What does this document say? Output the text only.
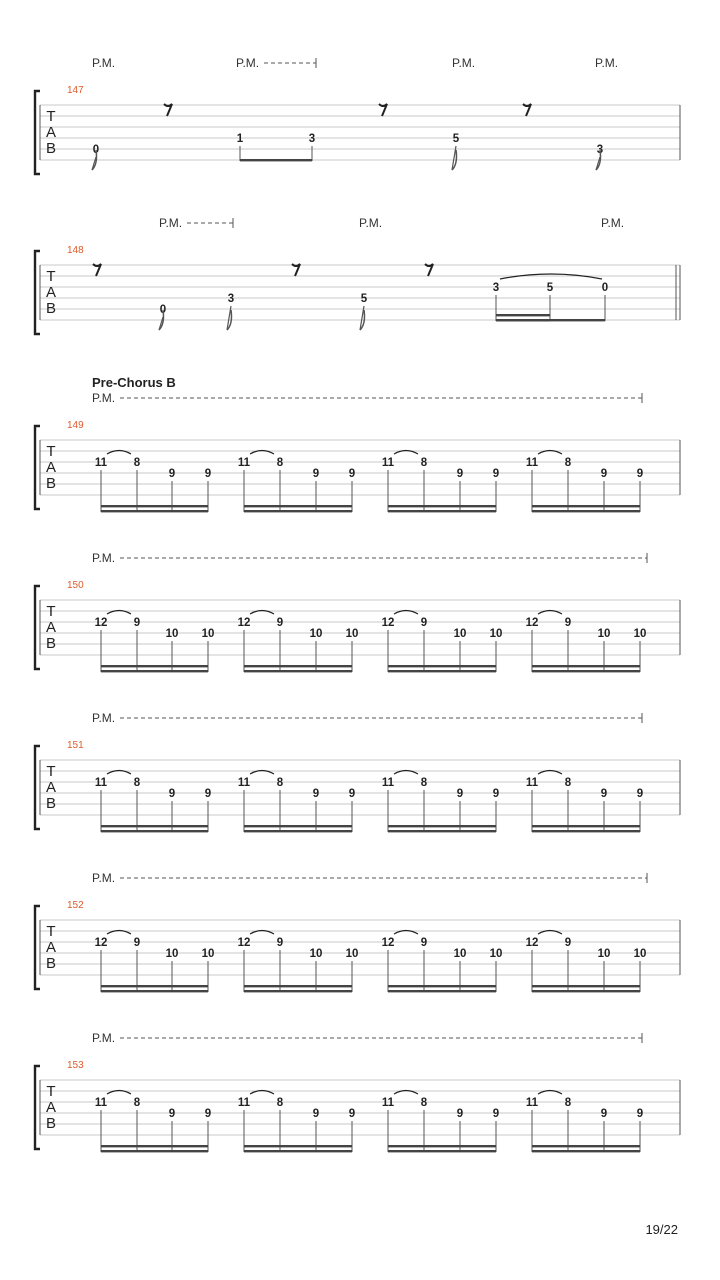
P.M.	P.M.	P.M.	P.M.
147
T
A
B	0
1	3	5
3
P.M.	P.M.	P.M.
148
T
A
B	0
3	5
3	5	0
Pre-Chorus B
P.M.
149
T
A
B
11 8
9	9
11 8
9	9
11 8
9	9
11 8
9	9
P.M.
150
T
A
B
12 9
10 10
12 9
10 10
12 9
10 10
12 9
10 10
P.M.
151
T
A
B
11 8
9	9
11 8
9	9
11 8
9	9
11 8
9	9
P.M.
152
T
A
B
12 9
10 10
12 9
10 10
12 9
10 10
12 9
10 10
P.M.
153
T
A
B
11 8
9	9
11 8
9	9
11 8
9	9
11 8
9	9
19/22
